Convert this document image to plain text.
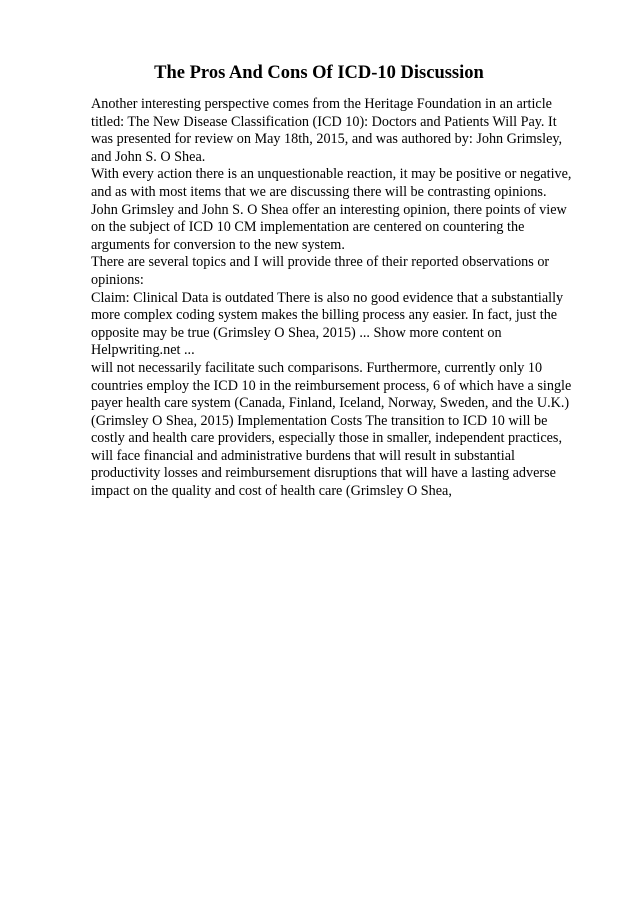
The Pros And Cons Of ICD-10 Discussion
Another interesting perspective comes from the Heritage Foundation in an article
titled: The New Disease Classification (ICD 10): Doctors and Patients Will Pay. It
was presented for review on May 18th, 2015, and was authored by: John Grimsley,
and John S. O Shea.
With every action there is an unquestionable reaction, it may be positive or negative,
and as with most items that we are discussing there will be contrasting opinions.
John Grimsley and John S. O Shea offer an interesting opinion, there points of view
on the subject of ICD 10 CM implementation are centered on countering the
arguments for conversion to the new system.
There are several topics and I will provide three of their reported observations or
opinions:
Claim: Clinical Data is outdated There is also no good evidence that a substantially
more complex coding system makes the billing process any easier. In fact, just the
opposite may be true (Grimsley O Shea, 2015) ... Show more content on
Helpwriting.net ...
will not necessarily facilitate such comparisons. Furthermore, currently only 10
countries employ the ICD 10 in the reimbursement process, 6 of which have a single
payer health care system (Canada, Finland, Iceland, Norway, Sweden, and the U.K.)
(Grimsley O Shea, 2015) Implementation Costs The transition to ICD 10 will be
costly and health care providers, especially those in smaller, independent practices,
will face financial and administrative burdens that will result in substantial
productivity losses and reimbursement disruptions that will have a lasting adverse
impact on the quality and cost of health care (Grimsley O Shea,
